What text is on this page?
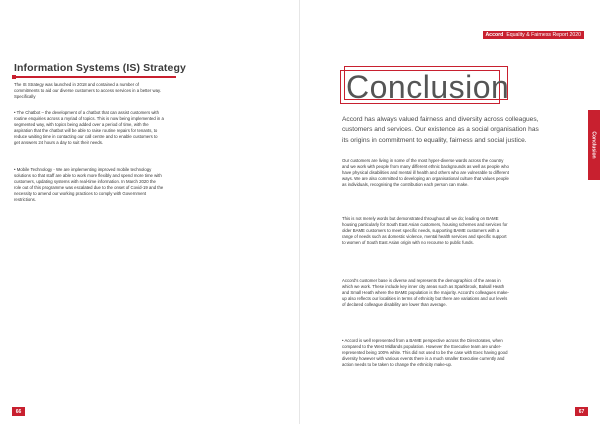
Information Systems (IS) Strategy

The IS Strategy was launched in 2018 and contained a number of commitments to aid our diverse customers to access services in a better way. Specifically

• The Chatbot – the development of a chatbot that can assist customers with routine enquiries across a myriad of topics. This is now being implemented in a segmented way, with topics being added over a period of time, with the aspiration that the chatbot will be able to raise routine repairs for tenants, to reduce waiting time in contacting our call centre and to enable customers to get answers 24 hours a day to suit their needs.

• Mobile Technology - We are implementing improved mobile technology solutions so that staff are able to work more flexibly and spend more time with customers, updating systems with real-time information. In March 2020 the role out of this programme was escalated due to the onset of Covid-19 and the necessity to amend our working practices to comply with Government restrictions.

66
Accord Equality & Fairness Report 2020
Conclusion
Conclusion

Accord has always valued fairness and diversity across colleagues, customers and services. Our existence as a social organisation has its origins in commitment to equality, fairness and social justice.

Our customers are living in some of the most hyper-diverse wards across the country and we work with people from many different ethnic backgrounds as well as people who have physical disabilities and mental ill health and others who are vulnerable to different ways. We are also committed to developing an organisational culture that values people as individuals, recognising the contribution each person can make.

This is not merely words but demonstrated throughout all we do; leading on BAME housing particularly for South East Asian customers, housing schemes and services for older BAME customers to meet specific needs, supporting BAME customers with a range of needs such as domestic violence, mental health services and specific support to women of South East Asian origin with no recourse to public funds.

Accord's customer base is diverse and represents the demographics of the areas in which we work. These include key inner city areas such as Sparkbrook, Balsall Heath and Small Heath where the BAME population is the majority. Accord's colleagues make-up also reflects our localities in terms of ethnicity but there are variations and our levels of declared colleague disability are lower than average.

• Accord is well represented from a BAME perspective across the Directorates, when compared to the West Midlands population. However the Executive team are under-represented being 100% white. This did not used to be the case with Exec having good diversity however with various events there is a much smaller Executive currently and action needs to be taken to change the ethnicity make-up.

67
